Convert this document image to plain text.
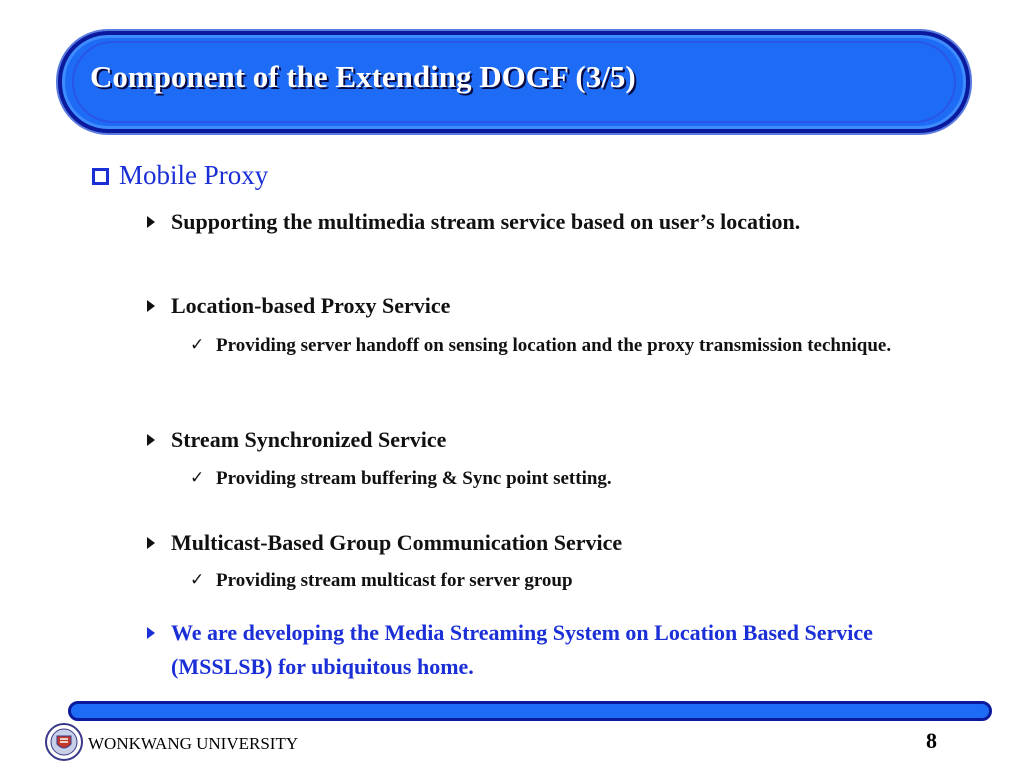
Component of the Extending DOGF (3/5)
Mobile Proxy
Supporting the multimedia stream service based on user’s location.
Location-based Proxy Service
✓ Providing server handoff on sensing location and the proxy transmission technique.
Stream Synchronized Service
✓ Providing stream buffering & Sync point setting.
Multicast-Based Group Communication Service
✓ Providing stream multicast for server group
We are developing the Media Streaming System on Location Based Service (MSSLSB) for ubiquitous home.
WONKWANG UNIVERSITY	8
